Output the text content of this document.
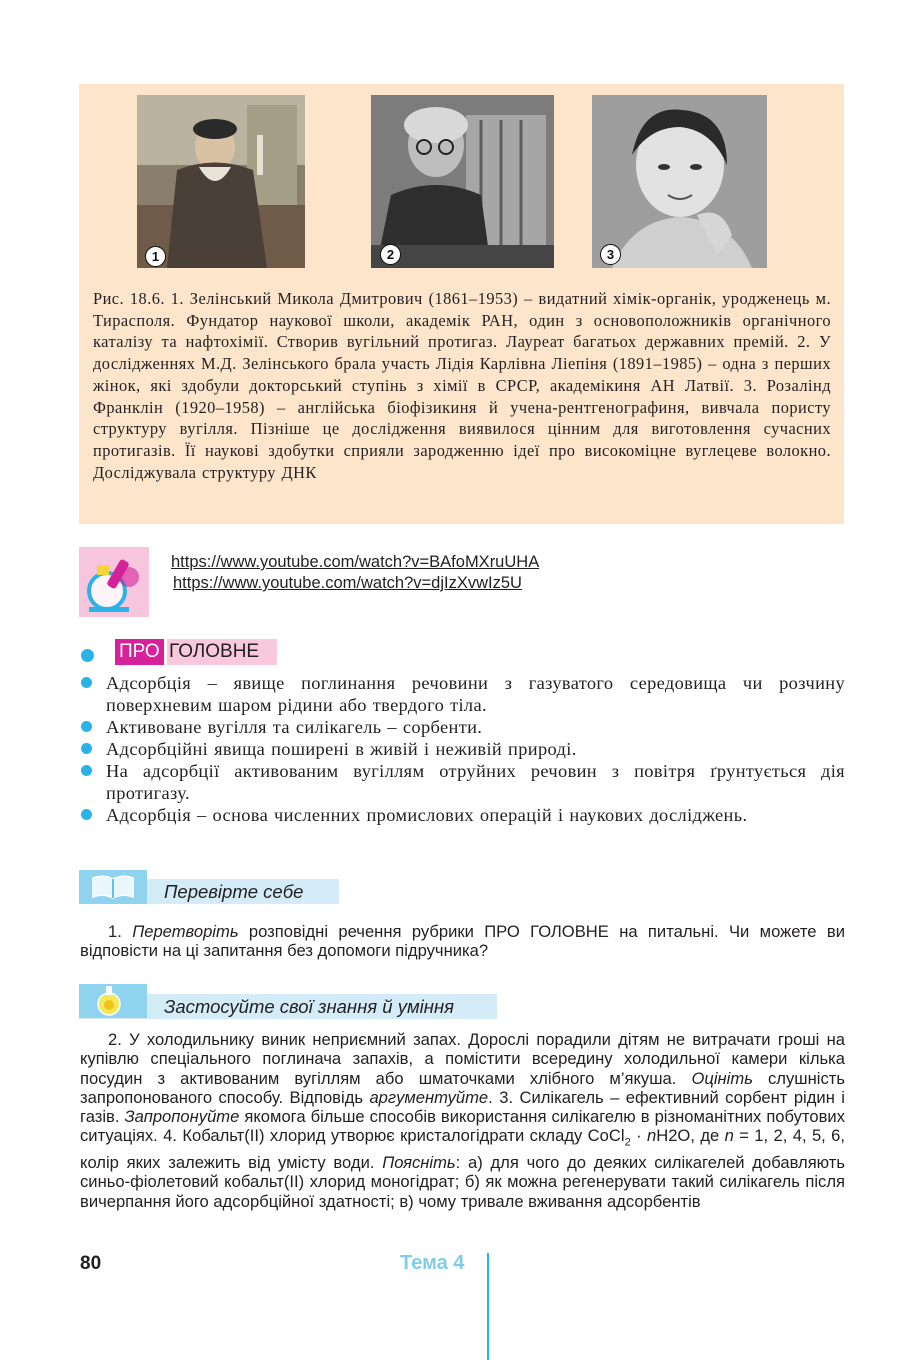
1	2	3

Рис. 18.6. 1. Зелінський Микола Дмитрович (1861–1953) – видатний хімік-органік, уродженець м. Тирасполя. Фундатор наукової школи, академік РАН, один з основоположників органічного каталізу та нафтохімії. Створив вугільний протигаз. Лауреат багатьох державних премій. 2. У дослідженнях М.Д. Зелінського брала участь Лідія Карлівна Ліепіня (1891–1985) – одна з перших жінок, які здобули докторський ступінь з хімії в СРСР, академікиня АН Латвії. 3. Розалінд Франклін (1920–1958) – англійська біофізикиня й учена-рентгенографиня, вивчала пористу структуру вугілля. Пізніше це дослідження виявилося цінним для виготовлення сучасних протигазів. Її наукові здобутки сприяли зародженню ідеї про високоміцне вуглецеве волокно. Досліджувала структуру ДНК

https://www.youtube.com/watch?v=BAfoMXruUHA
https://www.youtube.com/watch?v=djIzXvwIz5U
ПРО ГОЛОВНЕ
Адсорбція – явище поглинання речовини з газуватого середовища чи розчину поверхневим шаром рідини або твердого тіла.
Активоване вугілля та силікагель – сорбенти.
Адсорбційні явища поширені в живій і неживій природі.
На адсорбції активованим вугіллям отруйних речовин з повітря ґрунтується дія протигазу.
Адсорбція – основа численних промислових операцій і наукових досліджень.
Перевірте себе

1. Перетворіть розповідні речення рубрики ПРО ГОЛОВНЕ на питальні. Чи можете ви відповісти на ці запитання без допомоги підручника?

Застосуйте свої знання й уміння

2. У холодильнику виник неприємний запах. Дорослі порадили дітям не витрачати гроші на купівлю спеціального поглинача запахів, а помістити всередину холодильної камери кілька посудин з активованим вугіллям або шматочками хлібного м’якуша. Оцініть слушність запропонованого способу. Відповідь аргументуйте. 3. Силікагель – ефективний сорбент рідин і газів. Запропонуйте якомога більше способів використання силікагелю в різноманітних побутових ситуаціях. 4. Кобальт(ІІ) хлорид утворює кристалогідрати складу CoCl$_2$ · nH2O, де n = 1, 2, 4, 5, 6, колір яких залежить від умісту води. Поясніть: а) для чого до деяких силікагелей добавляють синьо-фіолетовий кобальт(ІІ) хлорид моногідрат; б) як можна регенерувати такий силікагель після вичерпання його адсорбційної здатності; в) чому тривале вживання адсорбентів

80	Тема 4
